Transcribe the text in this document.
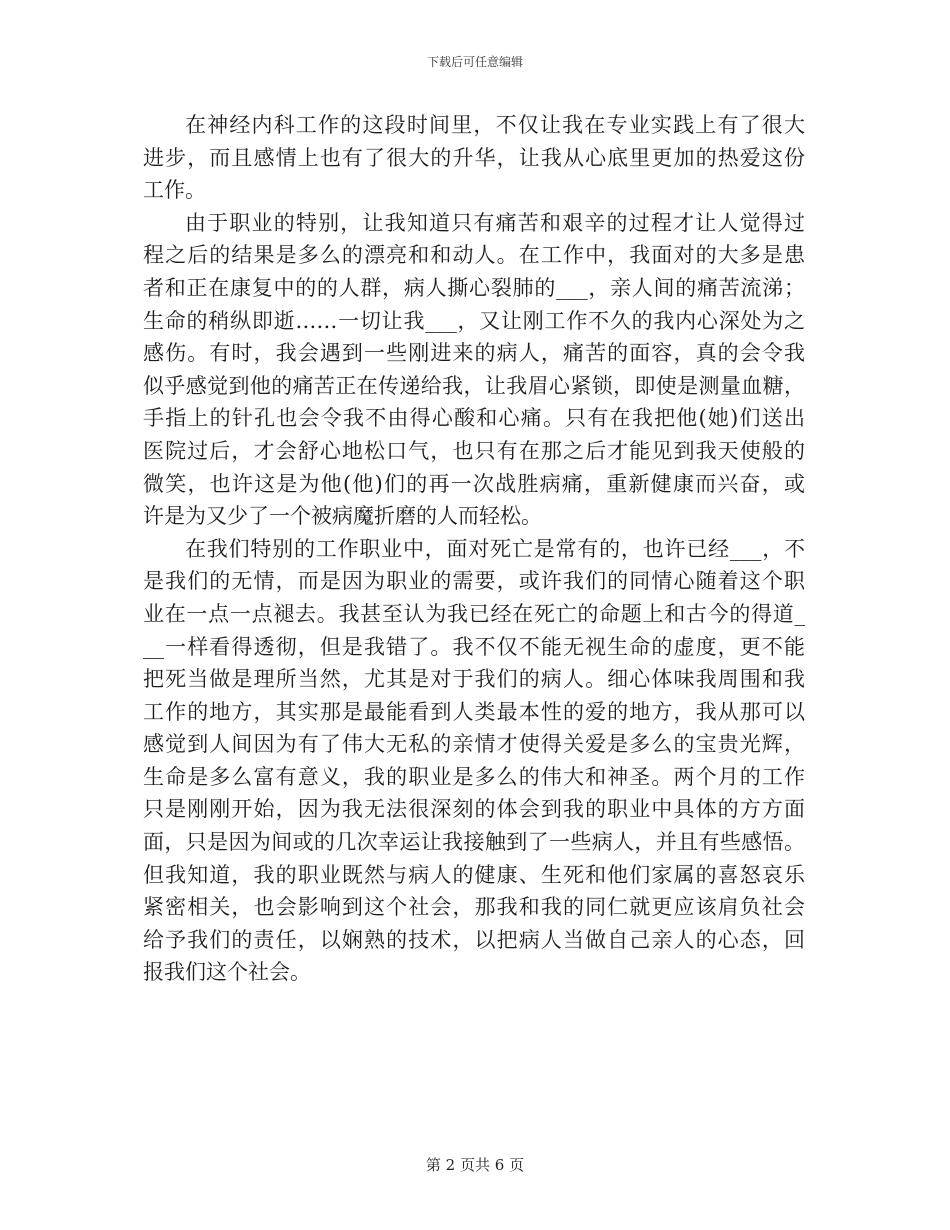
下载后可任意编辑
在神经内科工作的这段时间里，不仅让我在专业实践上有了很大
进步，而且感情上也有了很大的升华，让我从心底里更加的热爱这份
工作。
由于职业的特别，让我知道只有痛苦和艰辛的过程才让人觉得过
程之后的结果是多么的漂亮和和动人。在工作中，我面对的大多是患
者和正在康复中的的人群，病人撕心裂肺的___，亲人间的痛苦流涕；
生命的稍纵即逝……一切让我___，又让刚工作不久的我内心深处为之
感伤。有时，我会遇到一些刚进来的病人，痛苦的面容，真的会令我
似乎感觉到他的痛苦正在传递给我，让我眉心紧锁，即使是测量血糖，
手指上的针孔也会令我不由得心酸和心痛。只有在我把他(她)们送出
医院过后，才会舒心地松口气，也只有在那之后才能见到我天使般的
微笑，也许这是为他(他)们的再一次战胜病痛，重新健康而兴奋，或
许是为又少了一个被病魔折磨的人而轻松。
在我们特别的工作职业中，面对死亡是常有的，也许已经___，不
是我们的无情，而是因为职业的需要，或许我们的同情心随着这个职
业在一点一点褪去。我甚至认为我已经在死亡的命题上和古今的得道_
__一样看得透彻，但是我错了。我不仅不能无视生命的虚度，更不能
把死当做是理所当然，尤其是对于我们的病人。细心体味我周围和我
工作的地方，其实那是最能看到人类最本性的爱的地方，我从那可以
感觉到人间因为有了伟大无私的亲情才使得关爱是多么的宝贵光辉，
生命是多么富有意义，我的职业是多么的伟大和神圣。两个月的工作
只是刚刚开始，因为我无法很深刻的体会到我的职业中具体的方方面
面，只是因为间或的几次幸运让我接触到了一些病人，并且有些感悟。
但我知道，我的职业既然与病人的健康、生死和他们家属的喜怒哀乐
紧密相关，也会影响到这个社会，那我和我的同仁就更应该肩负社会
给予我们的责任，以娴熟的技术，以把病人当做自己亲人的心态，回
报我们这个社会。
第 2 页共 6 页
